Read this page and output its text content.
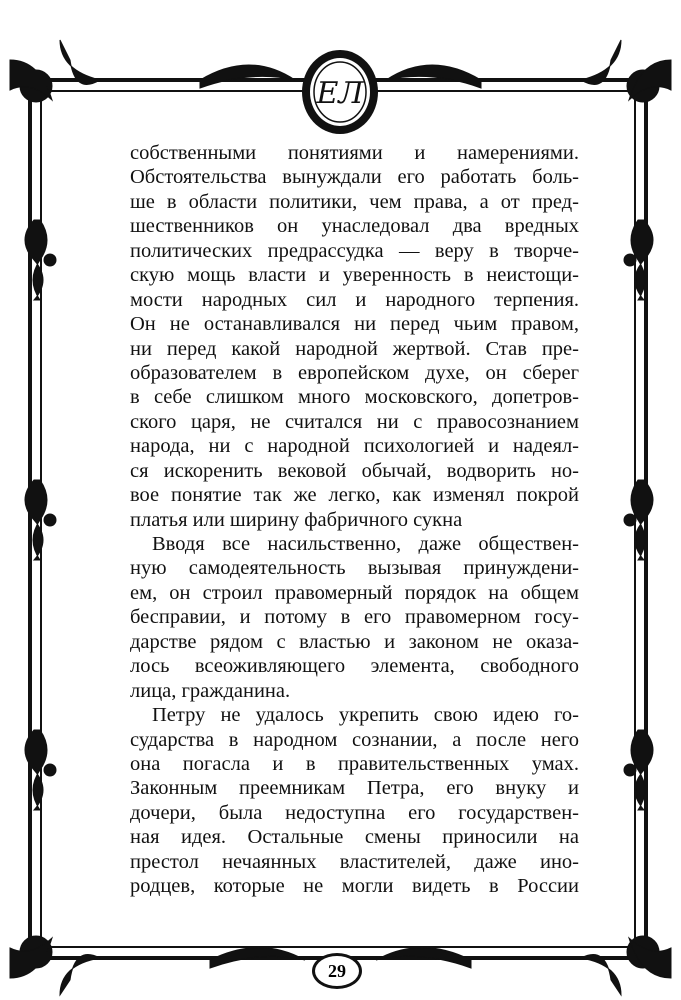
ЕЛ
собственными понятиями и намерениями.
Обстоятельства вынуждали его работать боль-
ше в области политики, чем права, а от пред-
шественников он унаследовал два вредных
политических предрассудка — веру в творче-
скую мощь власти и уверенность в неистощи-
мости народных сил и народного терпения.
Он не останавливался ни перед чьим правом,
ни перед какой народной жертвой. Став пре-
образователем в европейском духе, он сберег
в себе слишком много московского, допетров-
ского царя, не считался ни с правосознанием
народа, ни с народной психологией и надеял-
ся искоренить вековой обычай, водворить но-
вое понятие так же легко, как изменял покрой
платья или ширину фабричного сукна
Вводя все насильственно, даже обществен-
ную самодеятельность вызывая принуждени-
ем, он строил правомерный порядок на общем
бесправии, и потому в его правомерном госу-
дарстве рядом с властью и законом не оказа-
лось всеоживляющего элемента, свободного
лица, гражданина.
Петру не удалось укрепить свою идею го-
сударства в народном сознании, а после него
она погасла и в правительственных умах.
Законным преемникам Петра, его внуку и
дочери, была недоступна его государствен-
ная идея. Остальные смены приносили на
престол нечаянных властителей, даже ино-
родцев, которые не могли видеть в России
29
